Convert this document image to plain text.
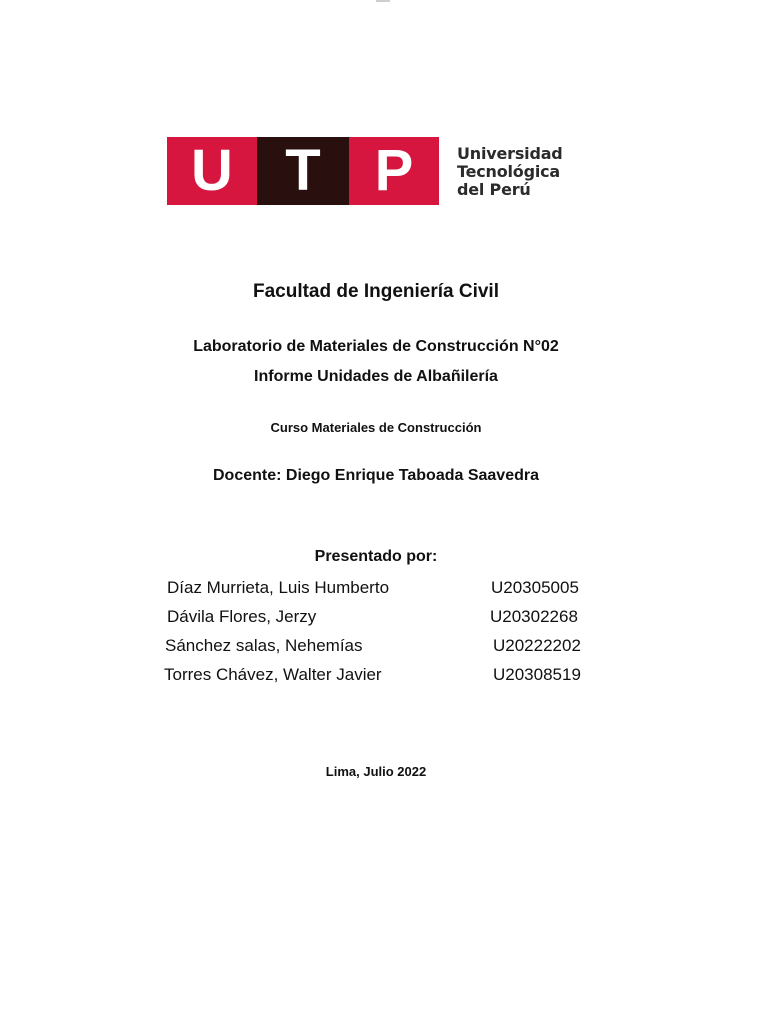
U T P	Universidad
Tecnológica
del Perú
Facultad de Ingeniería Civil
Laboratorio de Materiales de Construcción N°02
Informe Unidades de Albañilería
Curso Materiales de Construcción
Docente: Diego Enrique Taboada Saavedra
Presentado por:
Díaz Murrieta, Luis Humberto	U20305005
Dávila Flores, Jerzy	U20302268
Sánchez salas, Nehemías	U20222202
Torres Chávez, Walter Javier	U20308519
Lima, Julio 2022
